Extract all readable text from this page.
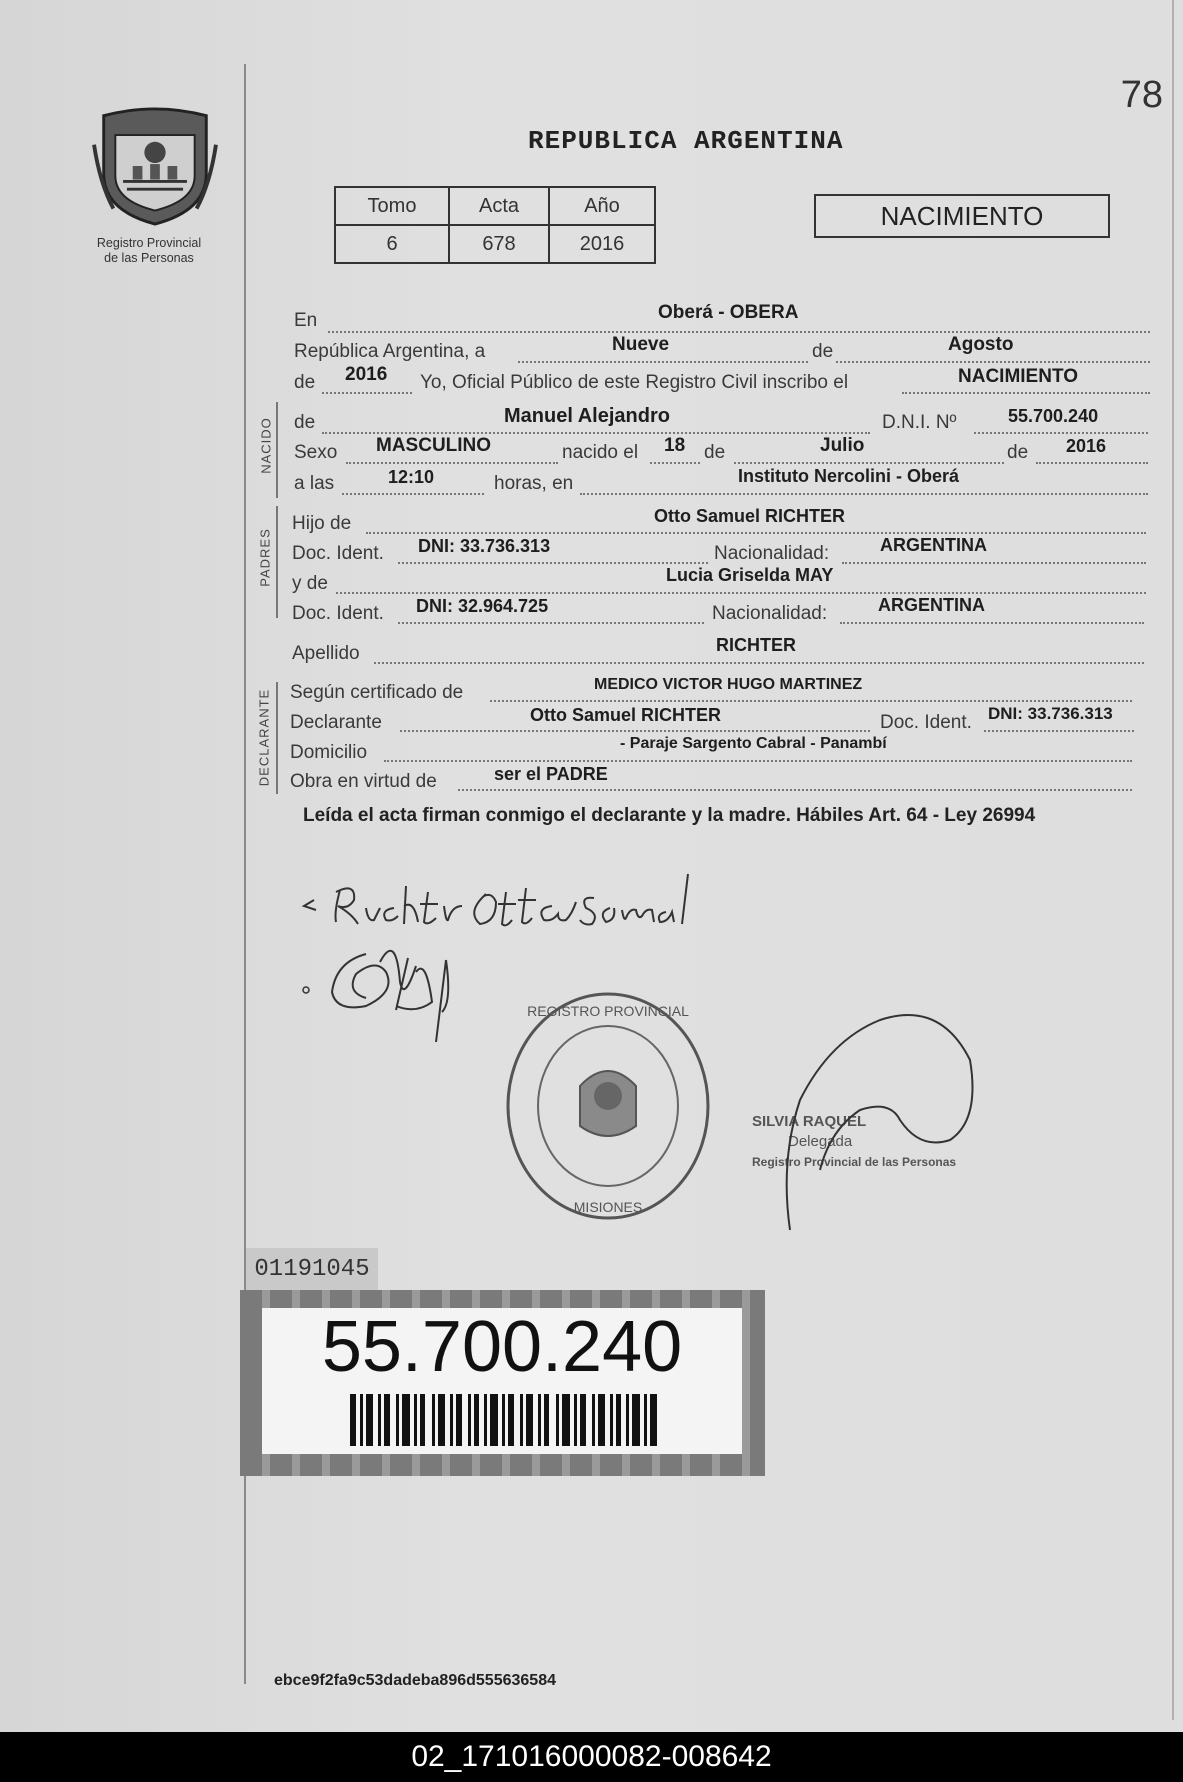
78
Registro Provincial
de las Personas
REPUBLICA ARGENTINA
Tomo	Acta	Año
6	678	2016
NACIMIENTO
En	Oberá - OBERA
República Argentina, a	Nueve	de	Agosto
de 2016 Yo, Oficial Público de este Registro Civil inscribo el	NACIMIENTO
NACIDO de	Manuel Alejandro	D.N.I. Nº	55.700.240
Sexo MASCULINO	nacido el 18 de	Julio	de 2016
a las	12:10	horas, en	Instituto Nercolini - Oberá
PADRES
Hijo de	Otto Samuel RICHTER
Doc. Ident. DNI: 33.736.313	Nacionalidad:	ARGENTINA
y de	Lucia Griselda MAY
Doc. Ident. DNI: 32.964.725	Nacionalidad:	ARGENTINA
Apellido	RICHTER
DECLARANTE Según certificado de	MEDICO VICTOR HUGO MARTINEZ
Declarante	Otto Samuel RICHTER	Doc. Ident. DNI: 33.736.313
Domicilio	- Paraje Sargento Cabral - Panambí
Obra en virtud de	ser el PADRE
Leída el acta firman conmigo el declarante y la madre. Hábiles Art. 64 - Ley 26994
REGISTRO PROVINCIAL
- MISIONES -
SILVIA RAQUEL
Delegada
Registro Provincial de las Personas
01191045
55.700.240
ebce9f2fa9c53dadeba896d555636584
02_171016000082-008642
